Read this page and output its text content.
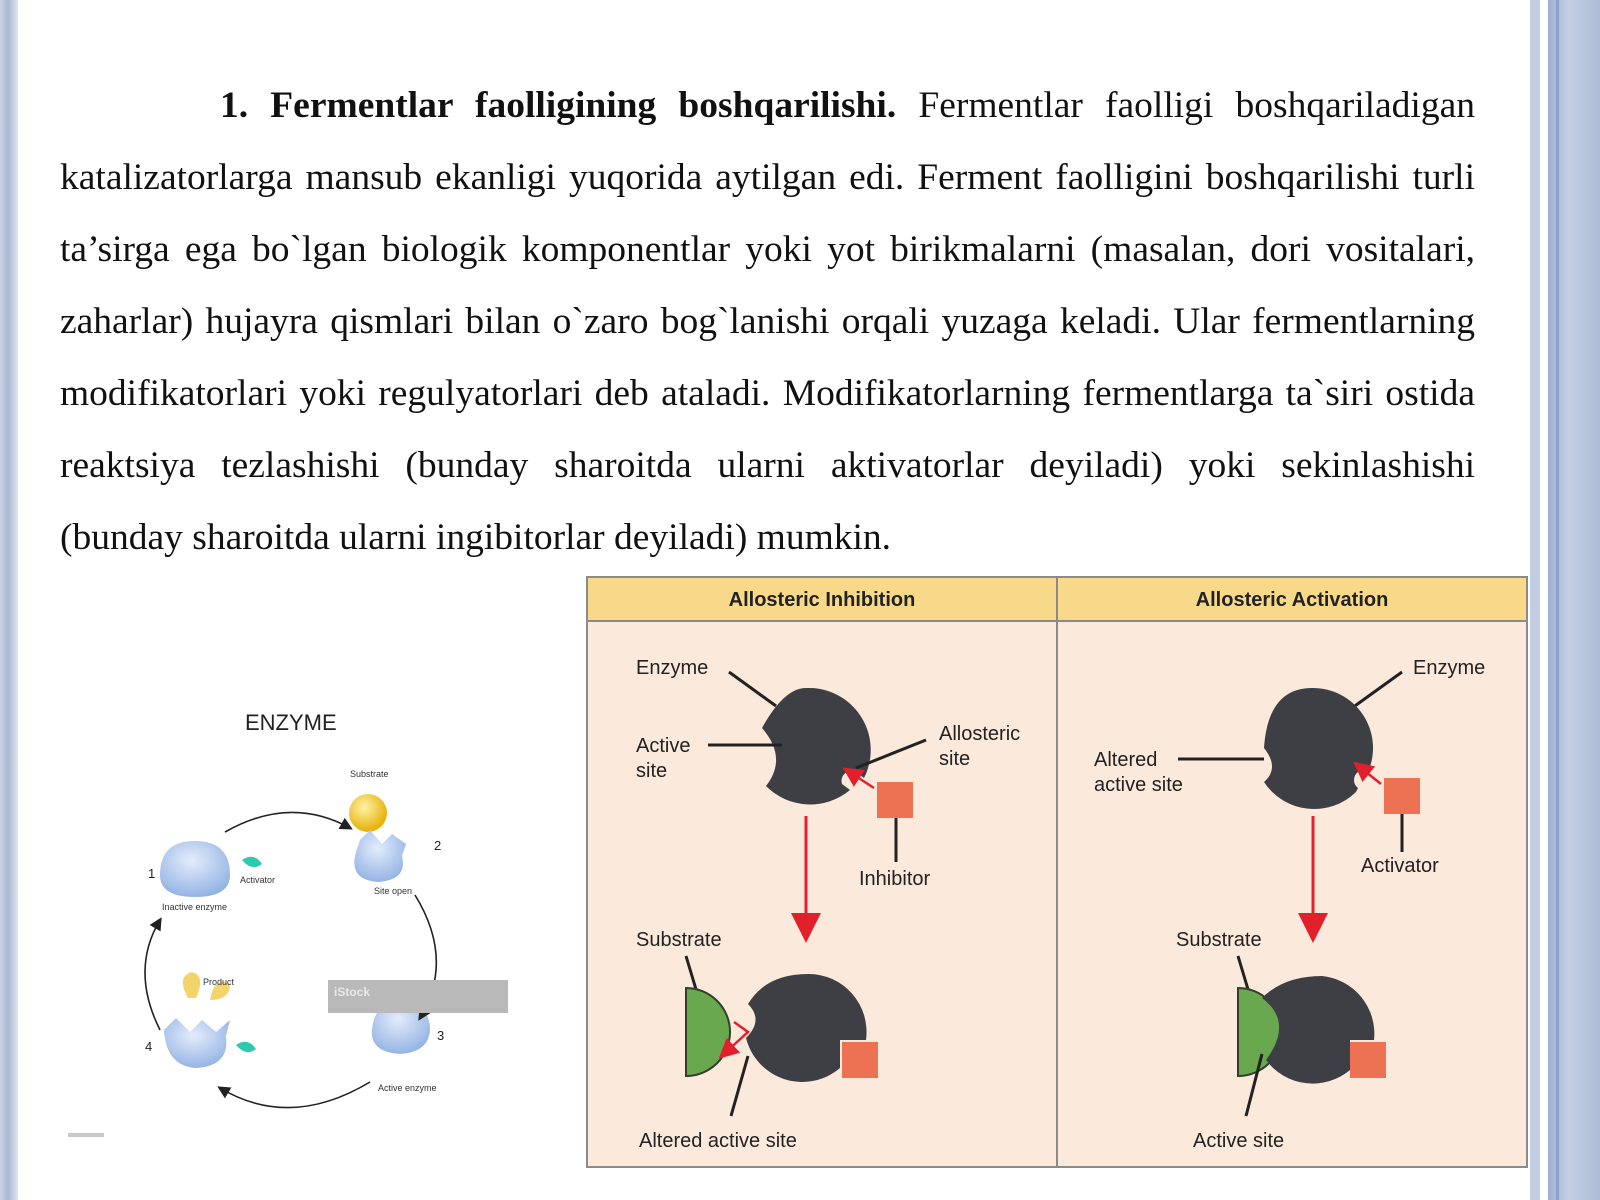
1. Fermentlar faolligining boshqarilishi. Fermentlar faolligi boshqariladigan katalizatorlarga mansub ekanligi yuqorida aytilgan edi. Ferment faolligini boshqarilishi turli ta’sirga ega bo`lgan biologik komponentlar yoki yot birikmalarni (masalan, dori vositalari, zaharlar) hujayra qismlari bilan o`zaro bog`lanishi orqali yuzaga keladi. Ular fermentlarning modifikatorlari yoki regulyatorlari deb ataladi. Modifikatorlarning fermentlarga ta`siri ostida reaktsiya tezlashishi (bunday sharoitda ularni aktivatorlar deyiladi) yoki sekinlashishi (bunday sharoitda ularni ingibitorlar deyiladi) mumkin.

ENZYME
Substrate
1	Activator
Inactive enzyme
2
Site open
3
Active enzyme
Product
4
iStock
Allosteric Inhibition	Allosteric Activation
Enzyme
Active
site
Allosteric
site
Inhibitor
Substrate
Altered active site
Enzyme
Altered
active site
Activator
Substrate
Active site
